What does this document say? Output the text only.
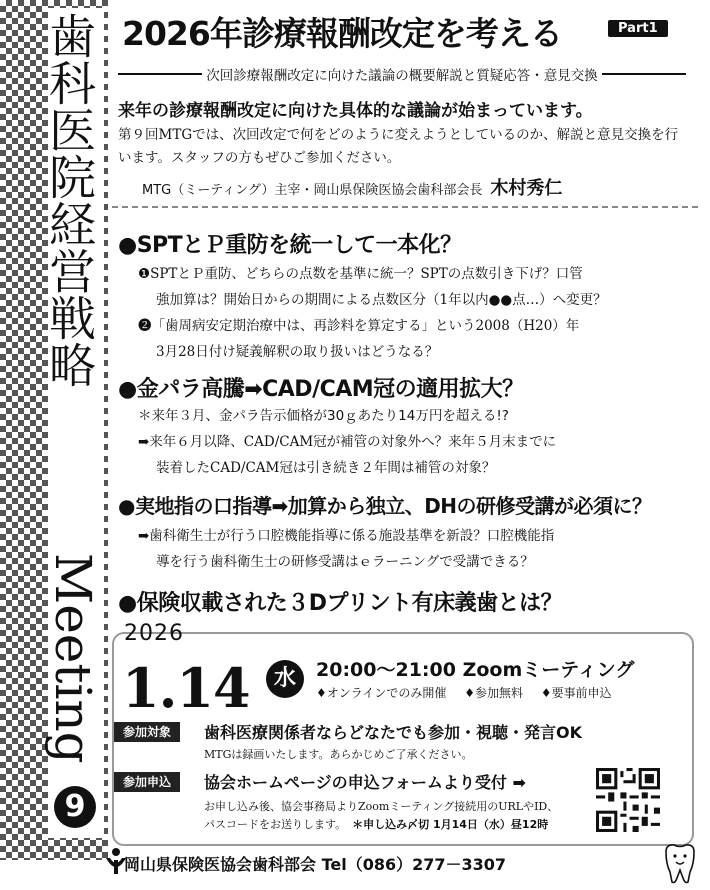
歯科医院経営戦略
Meeting
9
2026年診療報酬改定を考える	Part1
次回診療報酬改定に向けた議論の概要解説と質疑応答・意見交換
来年の診療報酬改定に向けた具体的な議論が始まっています。
第９回MTGでは、次回改定で何をどのように変えようとしているのか、解説と意見交換を行います。スタッフの方もぜひご参加ください。
MTG（ミーティング）主宰・岡山県保険医協会歯科部会長 木村秀仁
●SPTとＰ重防を統一して一本化？
❶SPTとＰ重防、どちらの点数を基準に統一？SPTの点数引き下げ？口管
強加算は？開始日からの期間による点数区分（1年以内●●点…）へ変更？
❷「歯周病安定期治療中は、再診料を算定する」という2008（H20）年
3月28日付け疑義解釈の取り扱いはどうなる？
●金パラ高騰➡CAD/CAM冠の適用拡大？
＊来年３月、金パラ告示価格が30ｇあたり14万円を超える!?
➡来年６月以降、CAD/CAM冠が補管の対象外へ？来年５月末までに
装着したCAD/CAM冠は引き続き２年間は補管の対象？
●実地指の口指導➡加算から独立、DHの研修受講が必須に？
➡歯科衛生士が行う口腔機能指導に係る施設基準を新設？口腔機能指
導を行う歯科衛生士の研修受講はｅラーニングで受講できる？
●保険収載された３Dプリント有床義歯とは？
2026
1.14	水	20:00～21:00 Zoomミーティング
♦オンラインでのみ開催 ♦参加無料 ♦要事前申込
参加対象	歯科医療関係者ならどなたでも参加・視聴・発言OK
MTGは録画いたします。あらかじめご了承ください。
参加申込	協会ホームページの申込フォームより受付 ➡
お申し込み後、協会事務局よりZoomミーティング接続用のURLやID、
パスコードをお送りします。 ＊申し込み〆切 1月14日（水）昼12時
岡山県保険医協会歯科部会 Tel（086）277－3307
